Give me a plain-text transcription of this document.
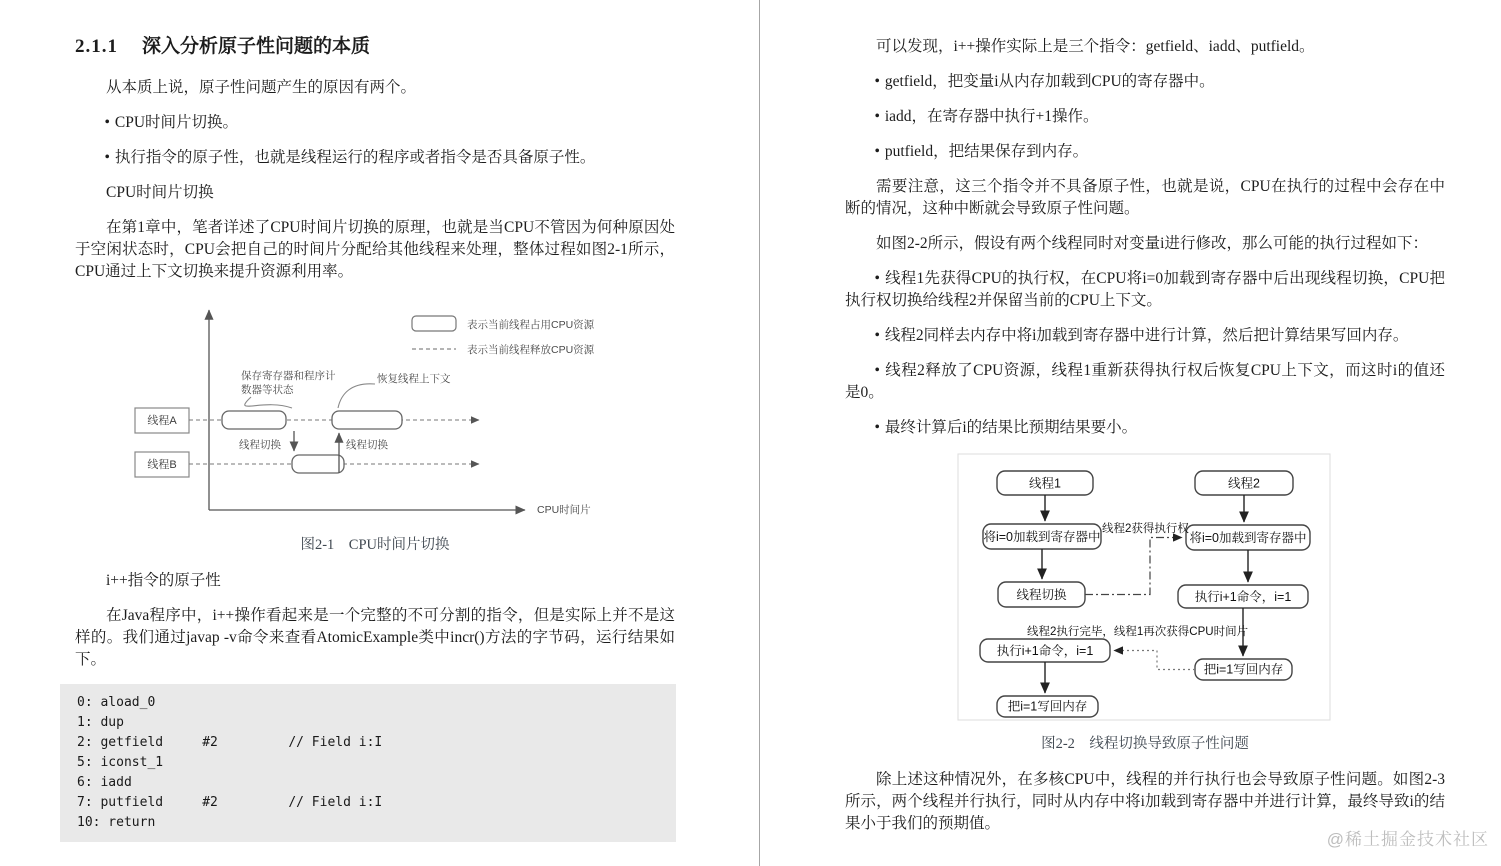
2.1.1 深入分析原子性问题的本质

从本质上说，原子性问题产生的原因有两个。

• CPU时间片切换。

• 执行指令的原子性，也就是线程运行的程序或者指令是否具备原子性。

CPU时间片切换

在第1章中，笔者详述了CPU时间片切换的原理，也就是当CPU不管因为何种原因处于空闲状态时，CPU会把自己的时间片分配给其他线程来处理，整体过程如图2-1所示，CPU通过上下文切换来提升资源利用率。

CPU时间片
表示当前线程占用CPU资源
表示当前线程释放CPU资源
保存寄存器和程序计
数器等状态
恢复线程上下文
线程A
线程B
线程切换	线程切换

图2-1　CPU时间片切换

i++指令的原子性

在Java程序中，i++操作看起来是一个完整的不可分割的指令，但是实际上并不是这样的。我们通过javap -v命令来查看AtomicExample类中incr()方法的字节码，运行结果如下。

0: aload_0
1: dup
2: getfield     #2         // Field i:I
5: iconst_1
6: iadd
7: putfield     #2         // Field i:I
10: return

可以发现，i++操作实际上是三个指令：getfield、iadd、putfield。

• getfield，把变量i从内存加载到CPU的寄存器中。

• iadd，在寄存器中执行+1操作。

• putfield，把结果保存到内存。

需要注意，这三个指令并不具备原子性，也就是说，CPU在执行的过程中会存在中断的情况，这种中断就会导致原子性问题。

如图2-2所示，假设有两个线程同时对变量i进行修改，那么可能的执行过程如下：

• 线程1先获得CPU的执行权，在CPU将i=0加载到寄存器中后出现线程切换，CPU把执行权切换给线程2并保留当前的CPU上下文。

• 线程2同样去内存中将i加载到寄存器中进行计算，然后把计算结果写回内存。

• 线程2释放了CPU资源，线程1重新获得执行权后恢复CPU上下文，而这时i的值还是0。

• 最终计算后i的结果比预期结果要小。

线程1	线程2
将i=0加载到寄存器中	将i=0加载到寄存器中
线程切换	执行i+1命令，i=1
执行i+1命令，i=1
把i=1写回内存
把i=1写回内存
线程2获得执行权
线程2执行完毕，线程1再次获得CPU时间片

图2-2　线程切换导致原子性问题

除上述这种情况外，在多核CPU中，线程的并行执行也会导致原子性问题。如图2-3所示，两个线程并行执行，同时从内存中将i加载到寄存器中并进行计算，最终导致i的结果小于我们的预期值。

@稀土掘金技术社区
